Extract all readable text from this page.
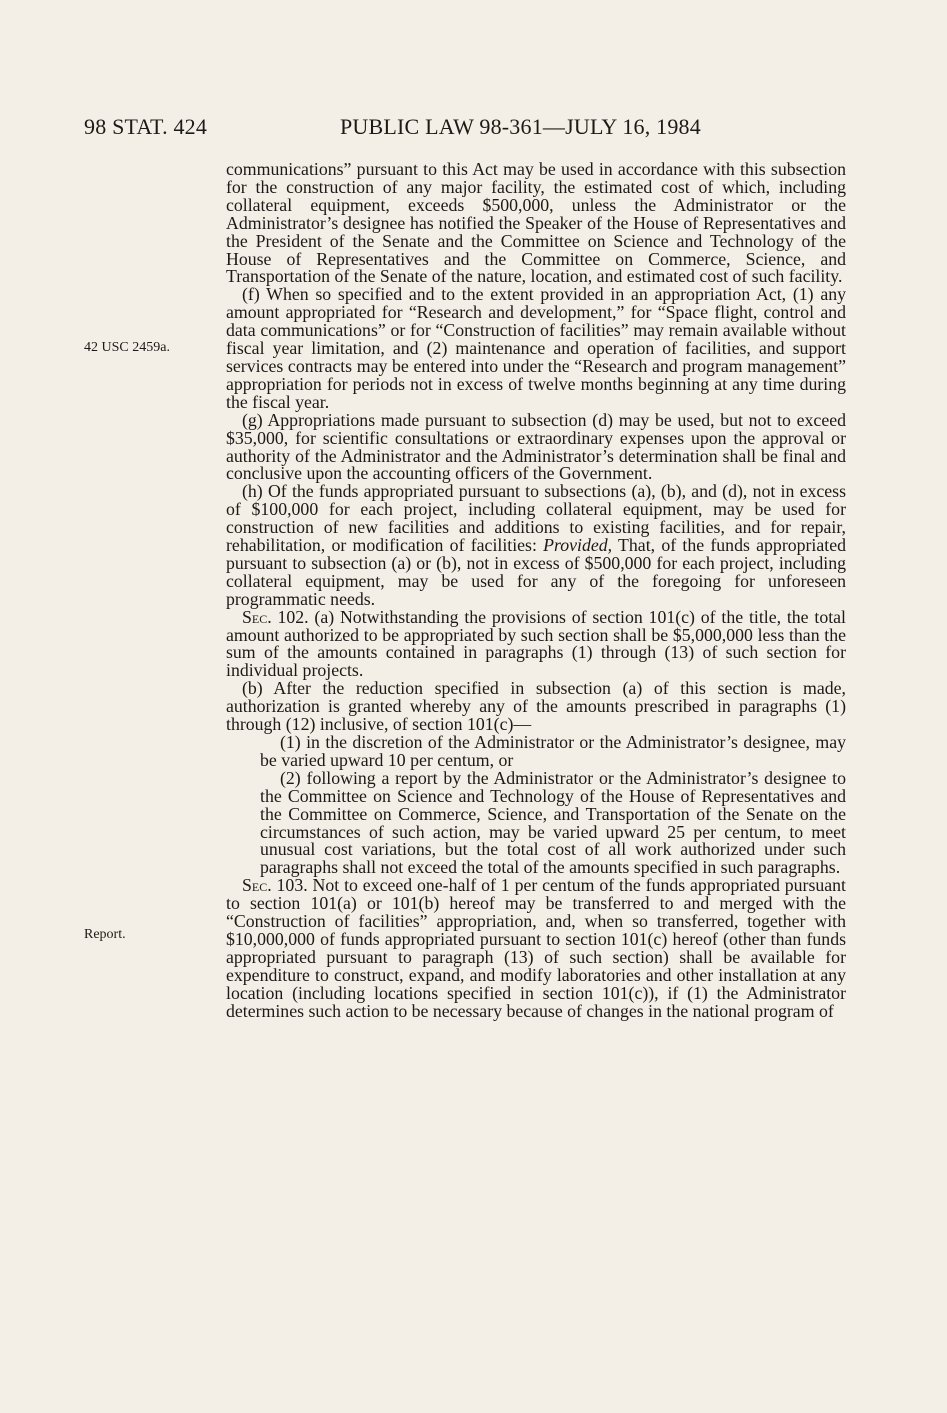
98 STAT. 424	PUBLIC LAW 98-361—JULY 16, 1984
42 USC 2459a.
Report.

communications” pursuant to this Act may be used in accordance with this subsection for the construction of any major facility, the estimated cost of which, including collateral equipment, exceeds $500,000, unless the Administrator or the Administrator’s designee has notified the Speaker of the House of Representatives and the President of the Senate and the Committee on Science and Technology of the House of Representatives and the Committee on Commerce, Science, and Transportation of the Senate of the nature, location, and estimated cost of such facility.

(f) When so specified and to the extent provided in an appropriation Act, (1) any amount appropriated for “Research and development,” for “Space flight, control and data communications” or for “Construction of facilities” may remain available without fiscal year limitation, and (2) maintenance and operation of facilities, and support services contracts may be entered into under the “Research and program management” appropriation for periods not in excess of twelve months beginning at any time during the fiscal year.

(g) Appropriations made pursuant to subsection (d) may be used, but not to exceed $35,000, for scientific consultations or extraordinary expenses upon the approval or authority of the Administrator and the Administrator’s determination shall be final and conclusive upon the accounting officers of the Government.

(h) Of the funds appropriated pursuant to subsections (a), (b), and (d), not in excess of $100,000 for each project, including collateral equipment, may be used for construction of new facilities and additions to existing facilities, and for repair, rehabilitation, or modification of facilities: Provided, That, of the funds appropriated pursuant to subsection (a) or (b), not in excess of $500,000 for each project, including collateral equipment, may be used for any of the foregoing for unforeseen programmatic needs.

Sec. 102. (a) Notwithstanding the provisions of section 101(c) of the title, the total amount authorized to be appropriated by such section shall be $5,000,000 less than the sum of the amounts contained in paragraphs (1) through (13) of such section for individual projects.

(b) After the reduction specified in subsection (a) of this section is made, authorization is granted whereby any of the amounts prescribed in paragraphs (1) through (12) inclusive, of section 101(c)—

(1) in the discretion of the Administrator or the Administrator’s designee, may be varied upward 10 per centum, or

(2) following a report by the Administrator or the Administrator’s designee to the Committee on Science and Technology of the House of Representatives and the Committee on Commerce, Science, and Transportation of the Senate on the circumstances of such action, may be varied upward 25 per centum, to meet unusual cost variations, but the total cost of all work authorized under such paragraphs shall not exceed the total of the amounts specified in such paragraphs.

Sec. 103. Not to exceed one-half of 1 per centum of the funds appropriated pursuant to section 101(a) or 101(b) hereof may be transferred to and merged with the “Construction of facilities” appropriation, and, when so transferred, together with $10,000,000 of funds appropriated pursuant to section 101(c) hereof (other than funds appropriated pursuant to paragraph (13) of such section) shall be available for expenditure to construct, expand, and modify laboratories and other installation at any location (including locations specified in section 101(c)), if (1) the Administrator determines such action to be necessary because of changes in the national program of
